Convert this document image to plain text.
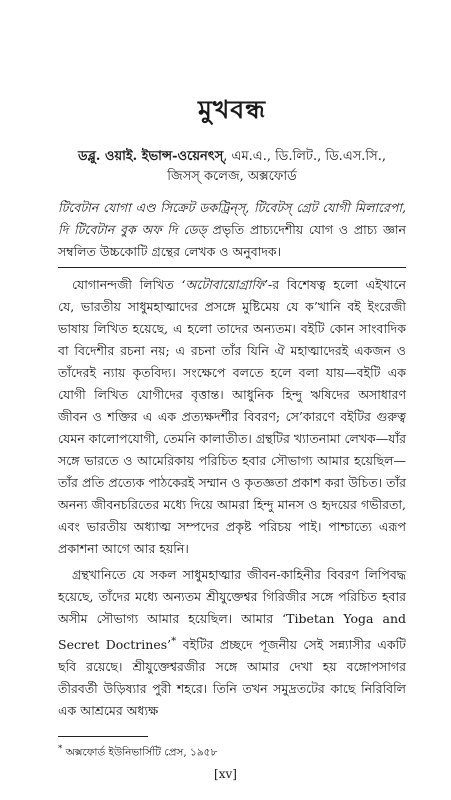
মুখবন্ধ
ডব্লু. ওয়াই. ইভান্স-ওয়েনৎস্, এম.এ., ডি.লিট., ডি.এস.সি.,
জিসস্‌ কলেজ, অক্সফোর্ড

টিবেটান যোগা এণ্ড সিক্রেট ডকট্রিন্স্‌, টিবেটস্‌ গ্রেট যোগী মিলারেপা, দি টিবেটান বুক অফ দি ডেড্‌ প্রভৃতি প্রাচ্যদেশীয় যোগ ও প্রাচ্য জ্ঞান সম্বলিত উচ্চকোটি গ্রন্থের লেখক ও অনুবাদক।

যোগানন্দজী লিখিত ‘অটোবায়োগ্রাফি’-র বিশেষত্ব হলো এইখানে যে, ভারতীয় সাধুমহাত্মাদের প্রসঙ্গে মুষ্টিমেয় যে ক’খানি বই ইংরেজী ভাষায় লিখিত হয়েছে, এ হলো তাদের অন্যতম। বইটি কোন সাংবাদিক বা বিদেশীর রচনা নয়; এ রচনা তাঁর যিনি ঐ মহাত্মাদেরই একজন ও তাঁদেরই ন্যায় কৃতবিদ্য। সংক্ষেপে বলতে হলে বলা যায়—বইটি এক যোগী লিখিত যোগীদের বৃত্তান্ত। আধুনিক হিন্দু ঋষিদের অসাধারণ জীবন ও শক্তির এ এক প্রত্যক্ষদর্শীর বিবরণ; সে’কারণে বইটির গুরুত্ব যেমন কালোপযোগী, তেমনি কালাতীত। গ্রন্থটির খ্যাতনামা লেখক—যাঁর সঙ্গে ভারতে ও আমেরিকায় পরিচিত হবার সৌভাগ্য আমার হয়েছিল—তাঁর প্রতি প্রত্যেক পাঠকেরই সম্মান ও কৃতজ্ঞতা প্রকাশ করা উচিত। তাঁর অনন্য জীবনচরিতের মধ্যে দিয়ে আমরা হিন্দু মানস ও হৃদয়ের গভীরতা, এবং ভারতীয় অধ্যাত্ম সম্পদের প্রকৃষ্ট পরিচয় পাই। পাশ্চাত্যে এরূপ প্রকাশনা আগে আর হয়নি।

গ্রন্থখানিতে যে সকল সাধুমহাত্মার জীবন-কাহিনীর বিবরণ লিপিবদ্ধ হয়েছে, তাঁদের মধ্যে অন্যতম শ্রীযুক্তেশ্বর গিরিজীর সঙ্গে পরিচিত হবার অসীম সৌভাগ্য আমার হয়েছিল। আমার ‘Tibetan Yoga and Secret Doctrines’* বইটির প্রচ্ছদে পূজনীয় সেই সন্ন্যাসীর একটি ছবি রয়েছে। শ্রীযুক্তেশ্বরজীর সঙ্গে আমার দেখা হয় বঙ্গোপসাগর তীরবর্তী উড়িষ্যার পুরী শহরে। তিনি তখন সমুদ্রতটের কাছে নিরিবিলি এক আশ্রমের অধ্যক্ষ

* অক্সফোর্ড ইউনিভার্সিটি প্রেস, ১৯৫৮
[xv]
